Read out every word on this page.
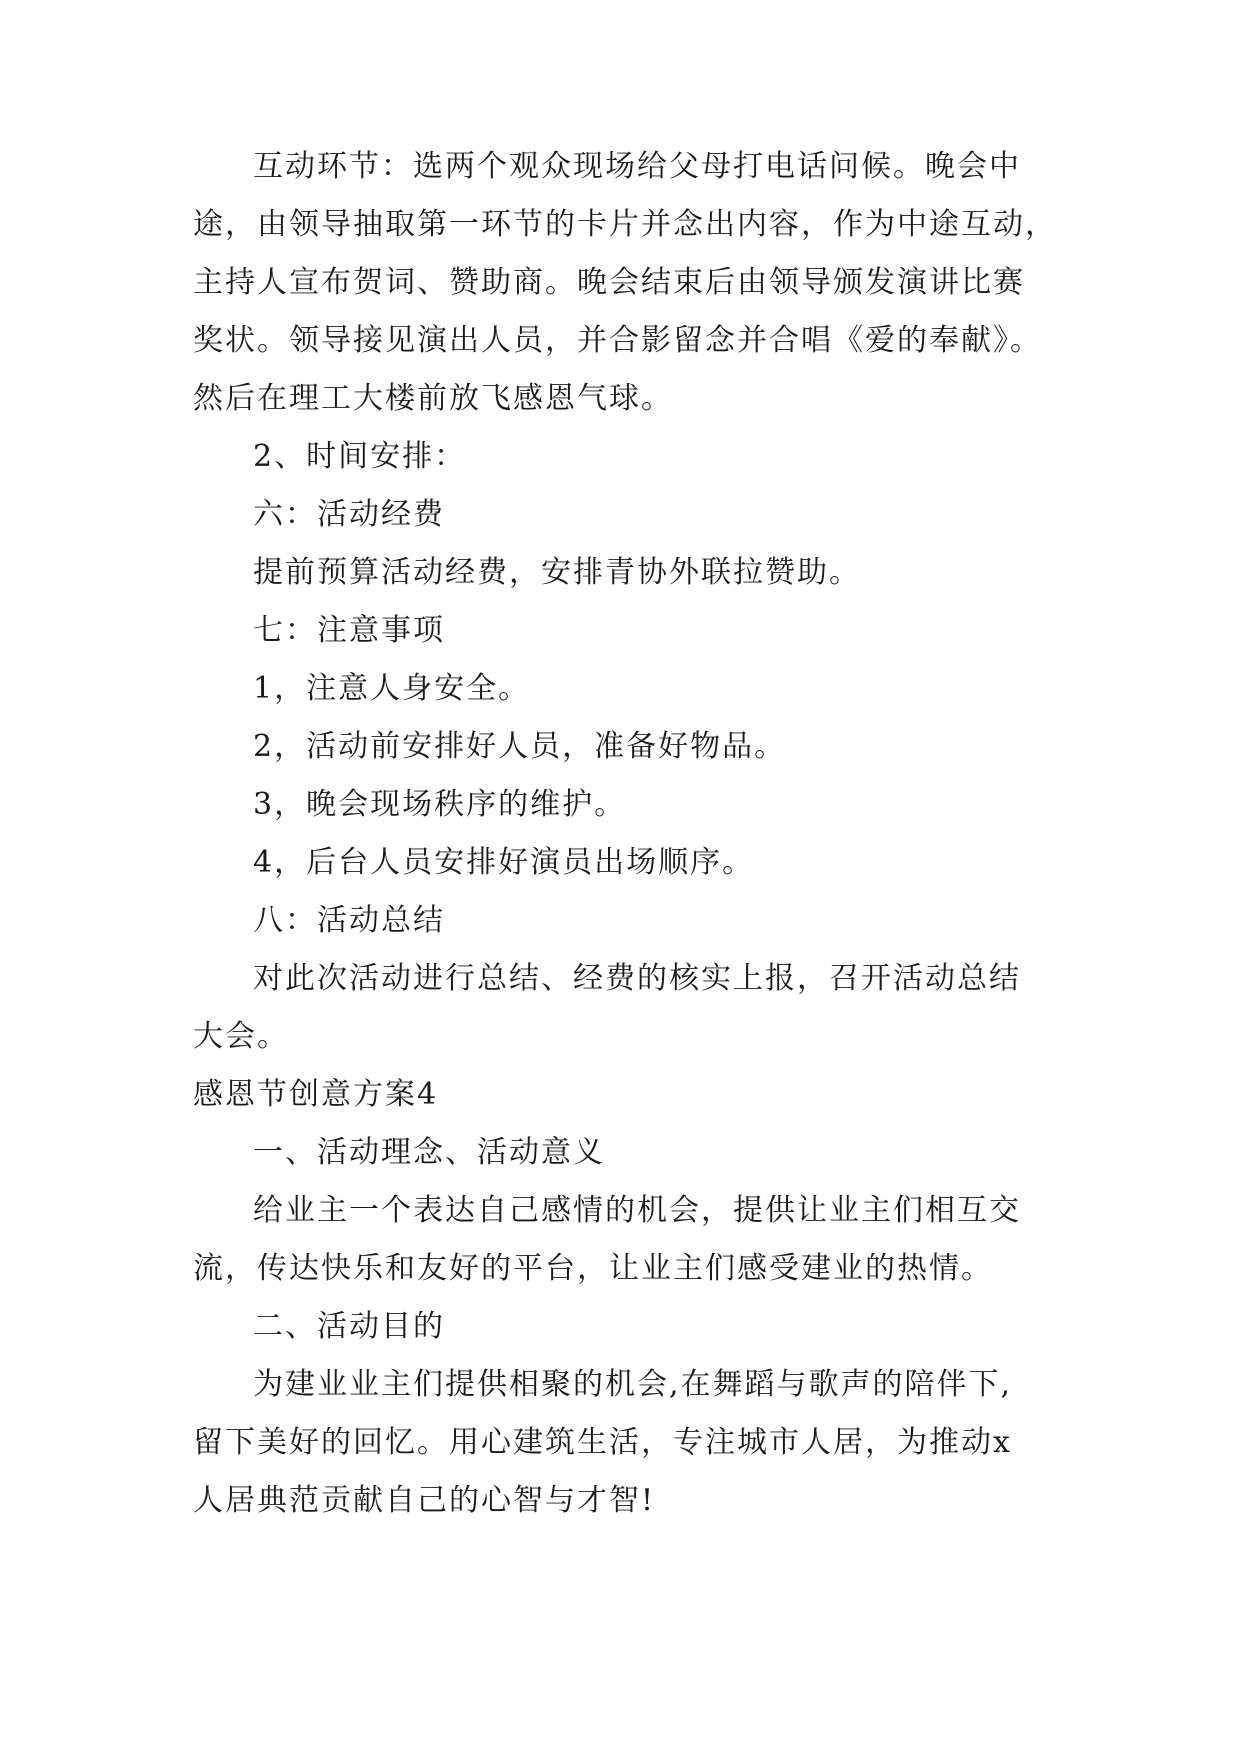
互动环节：选两个观众现场给父母打电话问候。晚会中
途，由领导抽取第一环节的卡片并念出内容，作为中途互动，
主持人宣布贺词、赞助商。晚会结束后由领导颁发演讲比赛
奖状。领导接见演出人员，并合影留念并合唱《爱的奉献》。
然后在理工大楼前放飞感恩气球。
2、时间安排：
六：活动经费
提前预算活动经费，安排青协外联拉赞助。
七：注意事项
1，注意人身安全。
2，活动前安排好人员，准备好物品。
3，晚会现场秩序的维护。
4，后台人员安排好演员出场顺序。
八：活动总结
对此次活动进行总结、经费的核实上报，召开活动总结
大会。
感恩节创意方案4
一、活动理念、活动意义
给业主一个表达自己感情的机会，提供让业主们相互交
流，传达快乐和友好的平台，让业主们感受建业的热情。
二、活动目的
为建业业主们提供相聚的机会,在舞蹈与歌声的陪伴下,
留下美好的回忆。用心建筑生活，专注城市人居，为推动x
人居典范贡献自己的心智与才智!
